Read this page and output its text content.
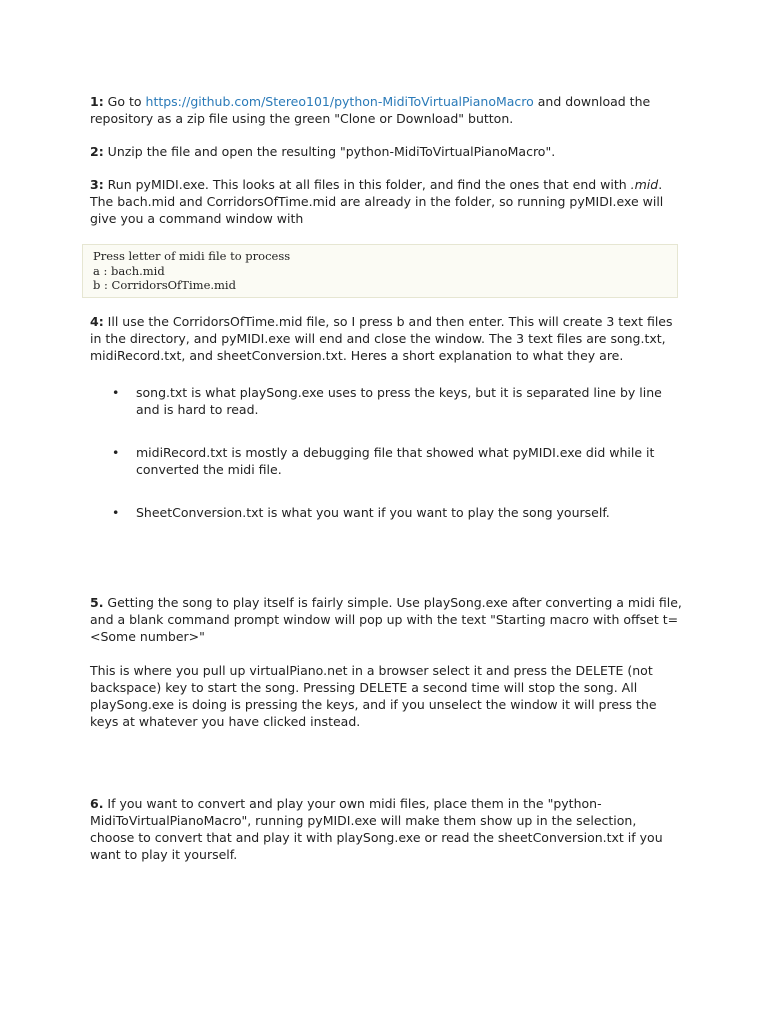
1: Go to https://github.com/Stereo101/python-MidiToVirtualPianoMacro and download the repository as a zip file using the green "Clone or Download" button.

2: Unzip the file and open the resulting "python-MidiToVirtualPianoMacro".

3: Run pyMIDI.exe. This looks at all files in this folder, and find the ones that end with .mid. The bach.mid and CorridorsOfTime.mid are already in the folder, so running pyMIDI.exe will give you a command window with

Press letter of midi file to process
a : bach.mid
b : CorridorsOfTime.mid

4: Ill use the CorridorsOfTime.mid file, so I press b and then enter. This will create 3 text files in the directory, and pyMIDI.exe will end and close the window. The 3 text files are song.txt, midiRecord.txt, and sheetConversion.txt. Heres a short explanation to what they are.

• song.txt is what playSong.exe uses to press the keys, but it is separated line by line and is hard to read.
• midiRecord.txt is mostly a debugging file that showed what pyMIDI.exe did while it converted the midi file.
• SheetConversion.txt is what you want if you want to play the song yourself.

5. Getting the song to play itself is fairly simple. Use playSong.exe after converting a midi file, and a blank command prompt window will pop up with the text "Starting macro with offset t= <Some number>"

This is where you pull up virtualPiano.net in a browser select it and press the DELETE (not backspace) key to start the song. Pressing DELETE a second time will stop the song. All playSong.exe is doing is pressing the keys, and if you unselect the window it will press the keys at whatever you have clicked instead.

6. If you want to convert and play your own midi files, place them in the "python-MidiToVirtualPianoMacro", running pyMIDI.exe will make them show up in the selection, choose to convert that and play it with playSong.exe or read the sheetConversion.txt if you want to play it yourself.
